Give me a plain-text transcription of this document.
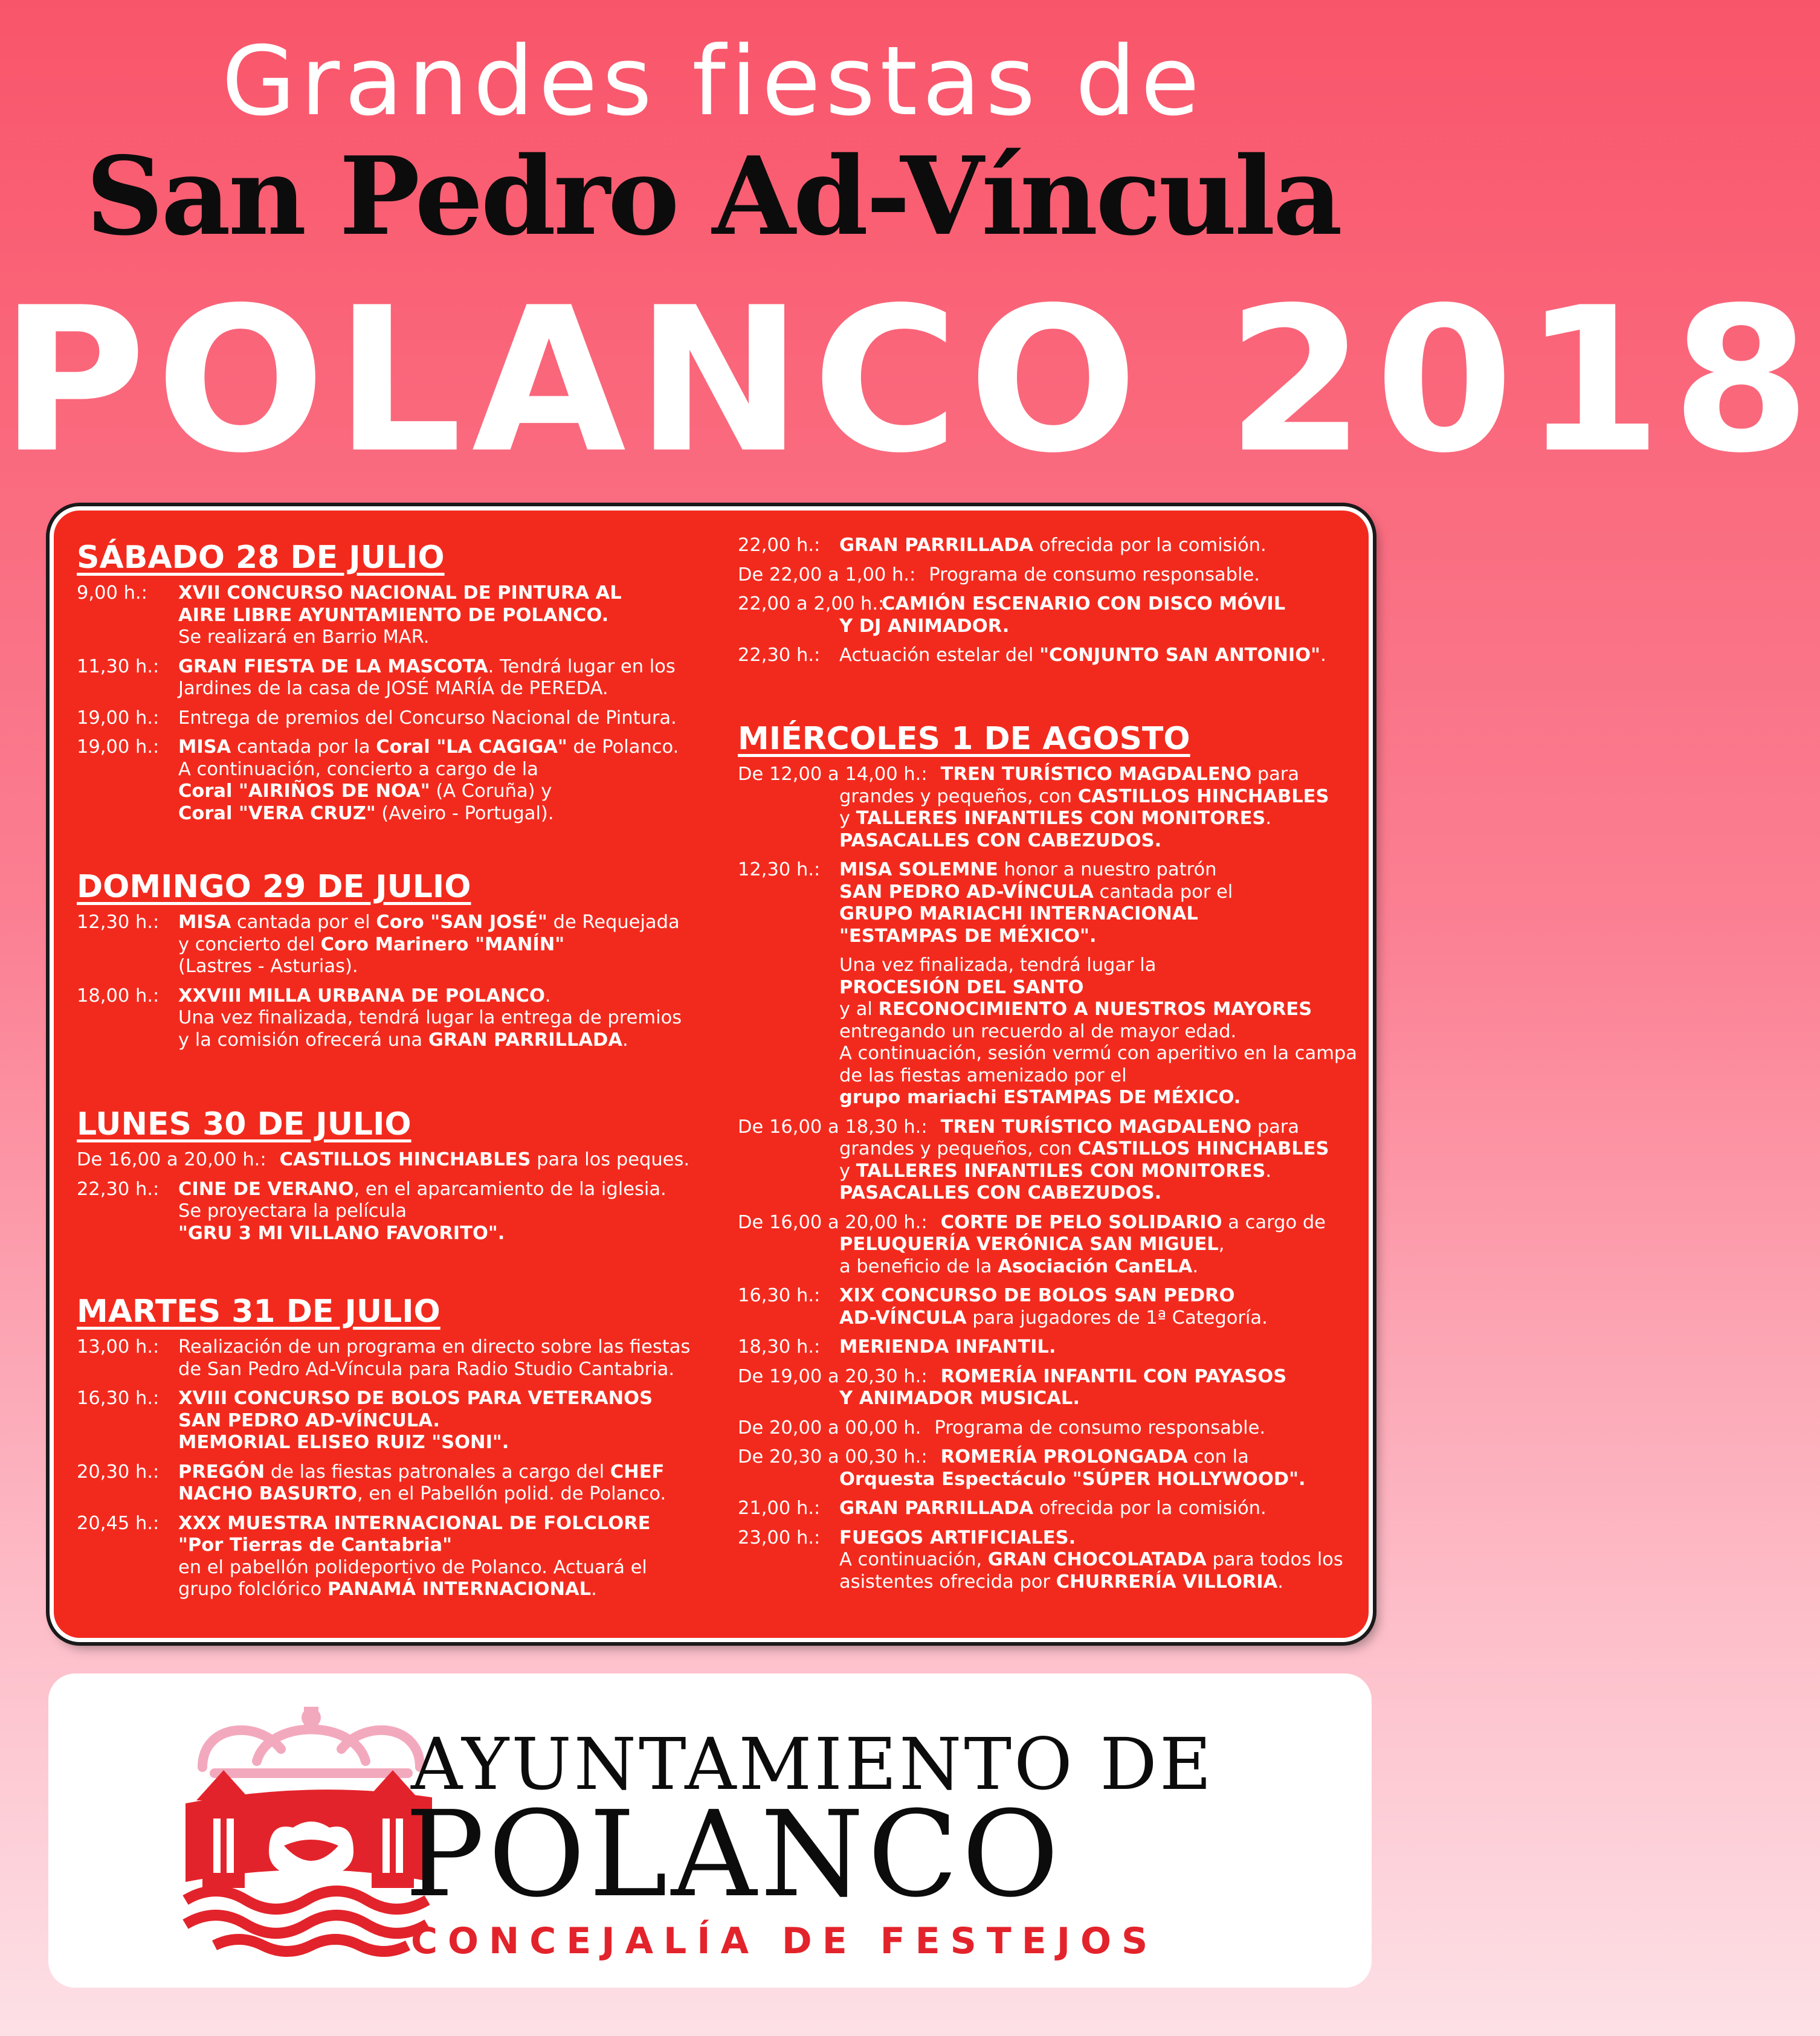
Grandes fiestas de
San Pedro Ad-Víncula
POLANCO 2018
SÁBADO 28 DE JULIO
9,00 h.: XVII CONCURSO NACIONAL DE PINTURA AL
AIRE LIBRE AYUNTAMIENTO DE POLANCO.
Se realizará en Barrio MAR.
11,30 h.: GRAN FIESTA DE LA MASCOTA. Tendrá lugar en los
Jardines de la casa de JOSÉ MARÍA de PEREDA.
19,00 h.: Entrega de premios del Concurso Nacional de Pintura.
19,00 h.: MISA cantada por la Coral "LA CAGIGA" de Polanco.
A continuación, concierto a cargo de la
Coral "AIRIÑOS DE NOA" (A Coruña) y
Coral "VERA CRUZ" (Aveiro - Portugal).
DOMINGO 29 DE JULIO
12,30 h.: MISA cantada por el Coro "SAN JOSÉ" de Requejada
y concierto del Coro Marinero "MANÍN"
(Lastres - Asturias).
18,00 h.: XXVIII MILLA URBANA DE POLANCO.
Una vez finalizada, tendrá lugar la entrega de premios
y la comisión ofrecerá una GRAN PARRILLADA.
LUNES 30 DE JULIO
De 16,00 a 20,00 h.: CASTILLOS HINCHABLES para los peques.
22,30 h.: CINE DE VERANO, en el aparcamiento de la iglesia.
Se proyectara la película
"GRU 3 MI VILLANO FAVORITO".
MARTES 31 DE JULIO
13,00 h.: Realización de un programa en directo sobre las fiestas
de San Pedro Ad-Víncula para Radio Studio Cantabria.
16,30 h.: XVIII CONCURSO DE BOLOS PARA VETERANOS
SAN PEDRO AD-VÍNCULA.
MEMORIAL ELISEO RUIZ "SONI".
20,30 h.: PREGÓN de las fiestas patronales a cargo del CHEF
NACHO BASURTO, en el Pabellón polid. de Polanco.
20,45 h.: XXX MUESTRA INTERNACIONAL DE FOLCLORE
"Por Tierras de Cantabria"
en el pabellón polideportivo de Polanco. Actuará el
grupo folclórico PANAMÁ INTERNACIONAL.
22,00 h.: GRAN PARRILLADA ofrecida por la comisión.
De 22,00 a 1,00 h.: Programa de consumo responsable.
22,00 a 2,00 h.:
CAMIÓN ESCENARIO CON DISCO MÓVIL
Y DJ ANIMADOR.
22,30 h.: Actuación estelar del "CONJUNTO SAN ANTONIO".
MIÉRCOLES 1 DE AGOSTO
De 12,00 a 14,00 h.: TREN TURÍSTICO MAGDALENO para
grandes y pequeños, con CASTILLOS HINCHABLES
y TALLERES INFANTILES CON MONITORES.
PASACALLES CON CABEZUDOS.
12,30 h.: MISA SOLEMNE honor a nuestro patrón
SAN PEDRO AD-VÍNCULA cantada por el
GRUPO MARIACHI INTERNACIONAL
"ESTAMPAS DE MÉXICO".
Una vez finalizada, tendrá lugar la
PROCESIÓN DEL SANTO
y al RECONOCIMIENTO A NUESTROS MAYORES
entregando un recuerdo al de mayor edad.
A continuación, sesión vermú con aperitivo en la campa
de las fiestas amenizado por el
grupo mariachi ESTAMPAS DE MÉXICO.
De 16,00 a 18,30 h.: TREN TURÍSTICO MAGDALENO para
grandes y pequeños, con CASTILLOS HINCHABLES
y TALLERES INFANTILES CON MONITORES.
PASACALLES CON CABEZUDOS.
De 16,00 a 20,00 h.: CORTE DE PELO SOLIDARIO a cargo de
PELUQUERÍA VERÓNICA SAN MIGUEL,
a beneficio de la Asociación CanELA.
16,30 h.: XIX CONCURSO DE BOLOS SAN PEDRO
AD-VÍNCULA para jugadores de 1ª Categoría.
18,30 h.: MERIENDA INFANTIL.
De 19,00 a 20,30 h.: ROMERÍA INFANTIL CON PAYASOS
Y ANIMADOR MUSICAL.
De 20,00 a 00,00 h. Programa de consumo responsable.
De 20,30 a 00,30 h.: ROMERÍA PROLONGADA con la
Orquesta Espectáculo "SÚPER HOLLYWOOD".
21,00 h.: GRAN PARRILLADA ofrecida por la comisión.
23,00 h.: FUEGOS ARTIFICIALES.
A continuación, GRAN CHOCOLATADA para todos los
asistentes ofrecida por CHURRERÍA VILLORIA.
AYUNTAMIENTO DE
POLANCO
CONCEJALÍA DE FESTEJOS
